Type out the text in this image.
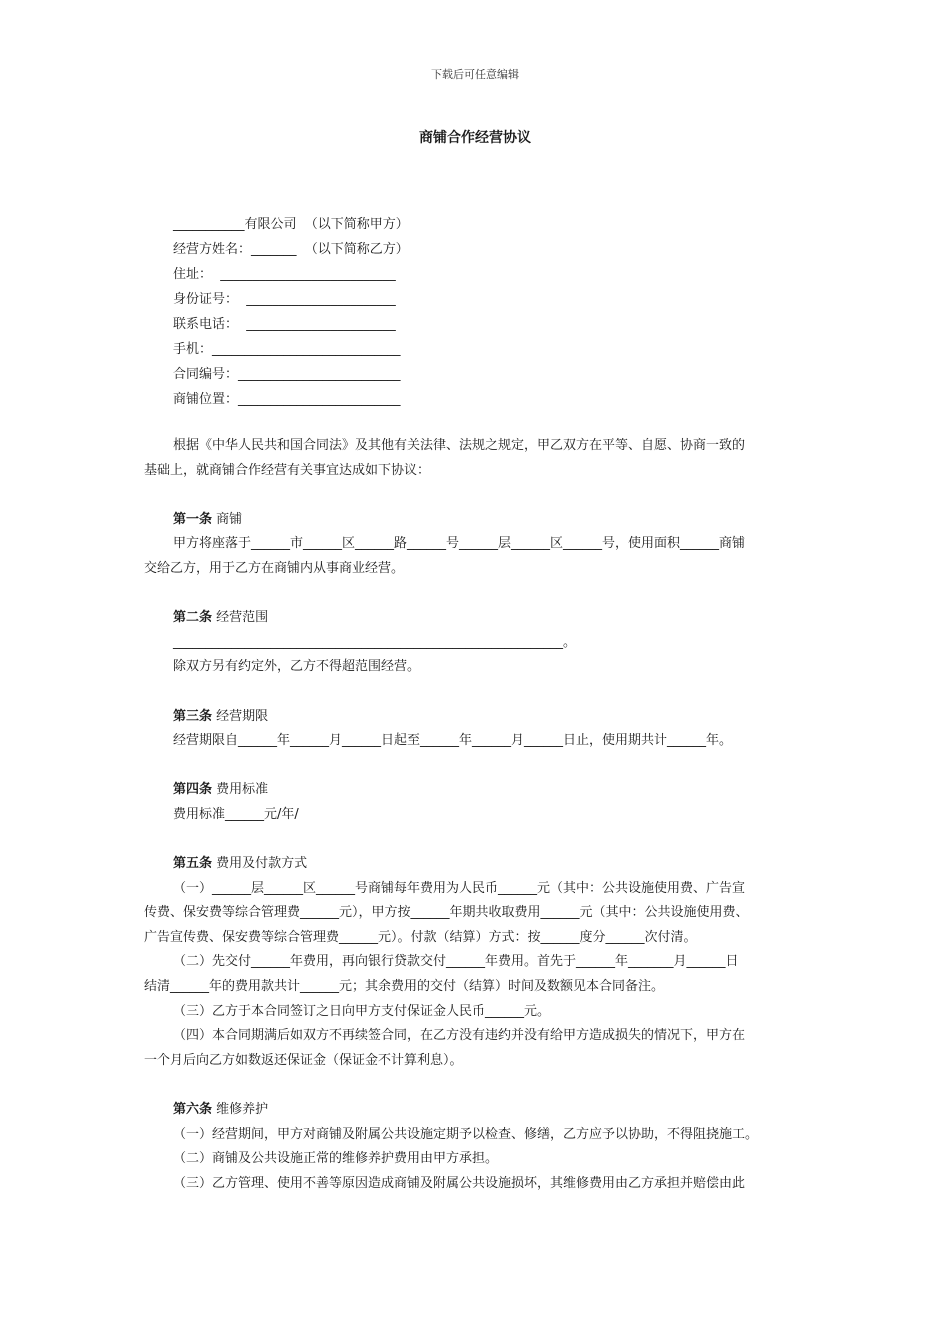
下载后可任意编辑
商铺合作经营协议
___________有限公司  （以下简称甲方）
经营方姓名：_______  （以下简称乙方）
住址：  ___________________________
身份证号：  _______________________
联系电话：  _______________________
手机：_____________________________
合同编号：_________________________
商铺位置：_________________________

根据《中华人民共和国合同法》及其他有关法律、法规之规定，甲乙双方在平等、自愿、协商一致的

基础上，就商铺合作经营有关事宜达成如下协议：

第一条 商铺

甲方将座落于______市______区______路______号______层______区______号，使用面积______商铺

交给乙方，用于乙方在商铺内从事商业经营。

第二条 经营范围

____________________________________________________________。

除双方另有约定外，乙方不得超范围经营。

第三条 经营期限

经营期限自______年______月______日起至______年______月______日止，使用期共计______年。

第四条 费用标准

费用标准______元/年/

第五条 费用及付款方式

（一）______层______区______号商铺每年费用为人民币______元（其中：公共设施使用费、广告宣

传费、保安费等综合管理费______元），甲方按______年期共收取费用______元（其中：公共设施使用费、

广告宣传费、保安费等综合管理费______元）。付款（结算）方式：按______度分______次付清。

（二）先交付______年费用，再向银行贷款交付______年费用。首先于______年_______月______日

结清______年的费用款共计______元；其余费用的交付（结算）时间及数额见本合同备注。

（三）乙方于本合同签订之日向甲方支付保证金人民币______元。

（四）本合同期满后如双方不再续签合同，在乙方没有违约并没有给甲方造成损失的情况下，甲方在

一个月后向乙方如数返还保证金（保证金不计算利息）。

第六条 维修养护

（一）经营期间，甲方对商铺及附属公共设施定期予以检查、修缮，乙方应予以协助，不得阻挠施工。

（二）商铺及公共设施正常的维修养护费用由甲方承担。

（三）乙方管理、使用不善等原因造成商铺及附属公共设施损坏，其维修费用由乙方承担并赔偿由此
